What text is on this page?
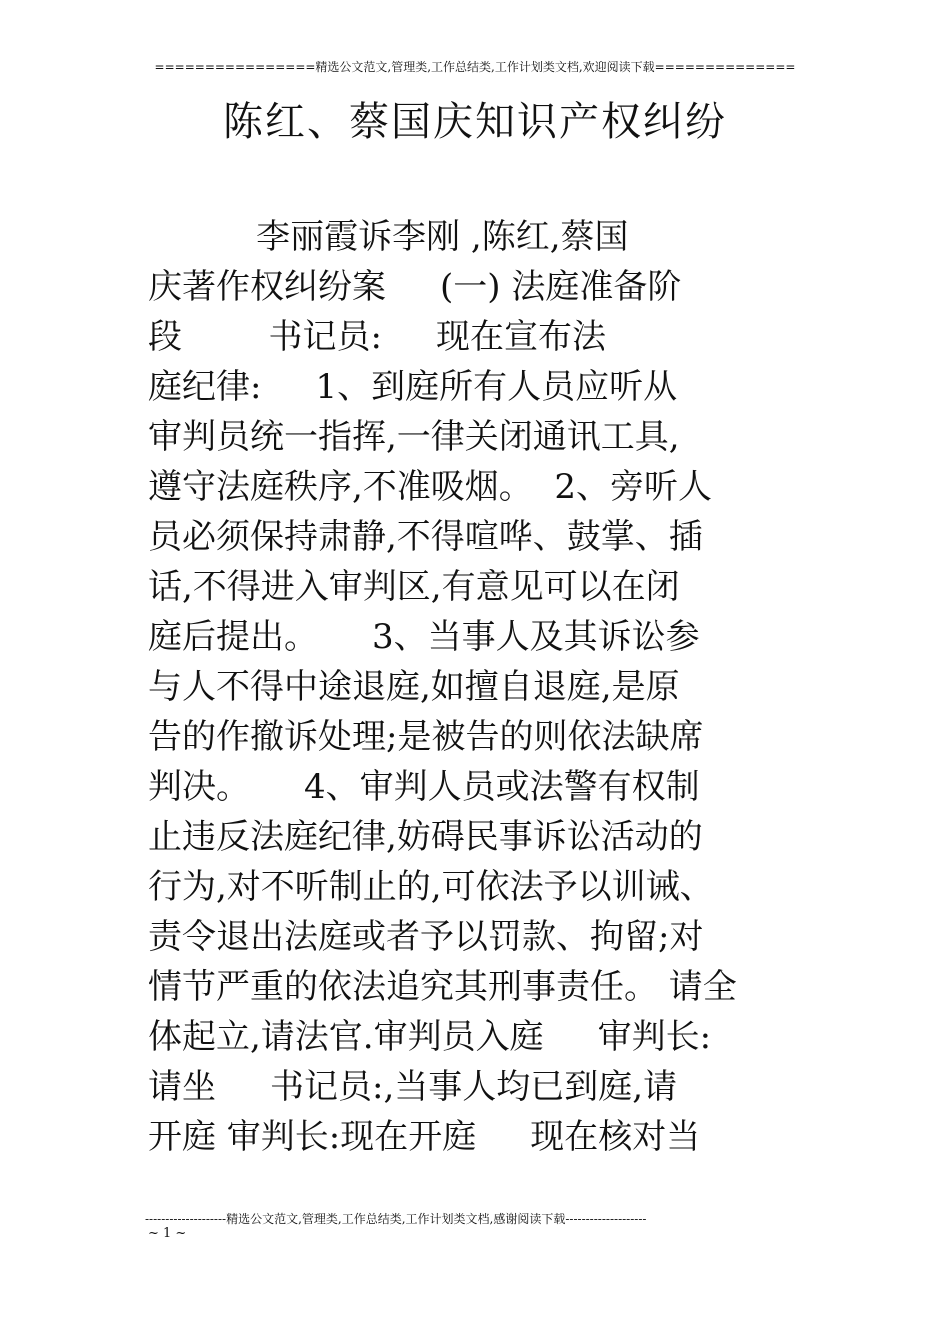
================精选公文范文,管理类,工作总结类,工作计划类文档,欢迎阅读下载==============
陈红、蔡国庆知识产权纠纷
李丽霞诉李刚 ,陈红,蔡国
庆著作权纠纷案     (一) 法庭准备阶
段        书记员:     现在宣布法
庭纪律:     1、到庭所有人员应听从
审判员统一指挥,一律关闭通讯工具,
遵守法庭秩序,不准吸烟。  2、旁听人
员必须保持肃静,不得喧哗、鼓掌、插
话,不得进入审判区,有意见可以在闭
庭后提出。     3、当事人及其诉讼参
与人不得中途退庭,如擅自退庭,是原
告的作撤诉处理;是被告的则依法缺席
判决。     4、审判人员或法警有权制
止违反法庭纪律,妨碍民事诉讼活动的
行为,对不听制止的,可依法予以训诫、
责令退出法庭或者予以罚款、拘留;对
情节严重的依法追究其刑事责任。 请全
体起立,请法官.审判员入庭     审判长:
请坐     书记员:,当事人均已到庭,请
开庭 审判长:现在开庭     现在核对当
--------------------精选公文范文,管理类,工作总结类,工作计划类文档,感谢阅读下载--------------------
~ 1 ~
